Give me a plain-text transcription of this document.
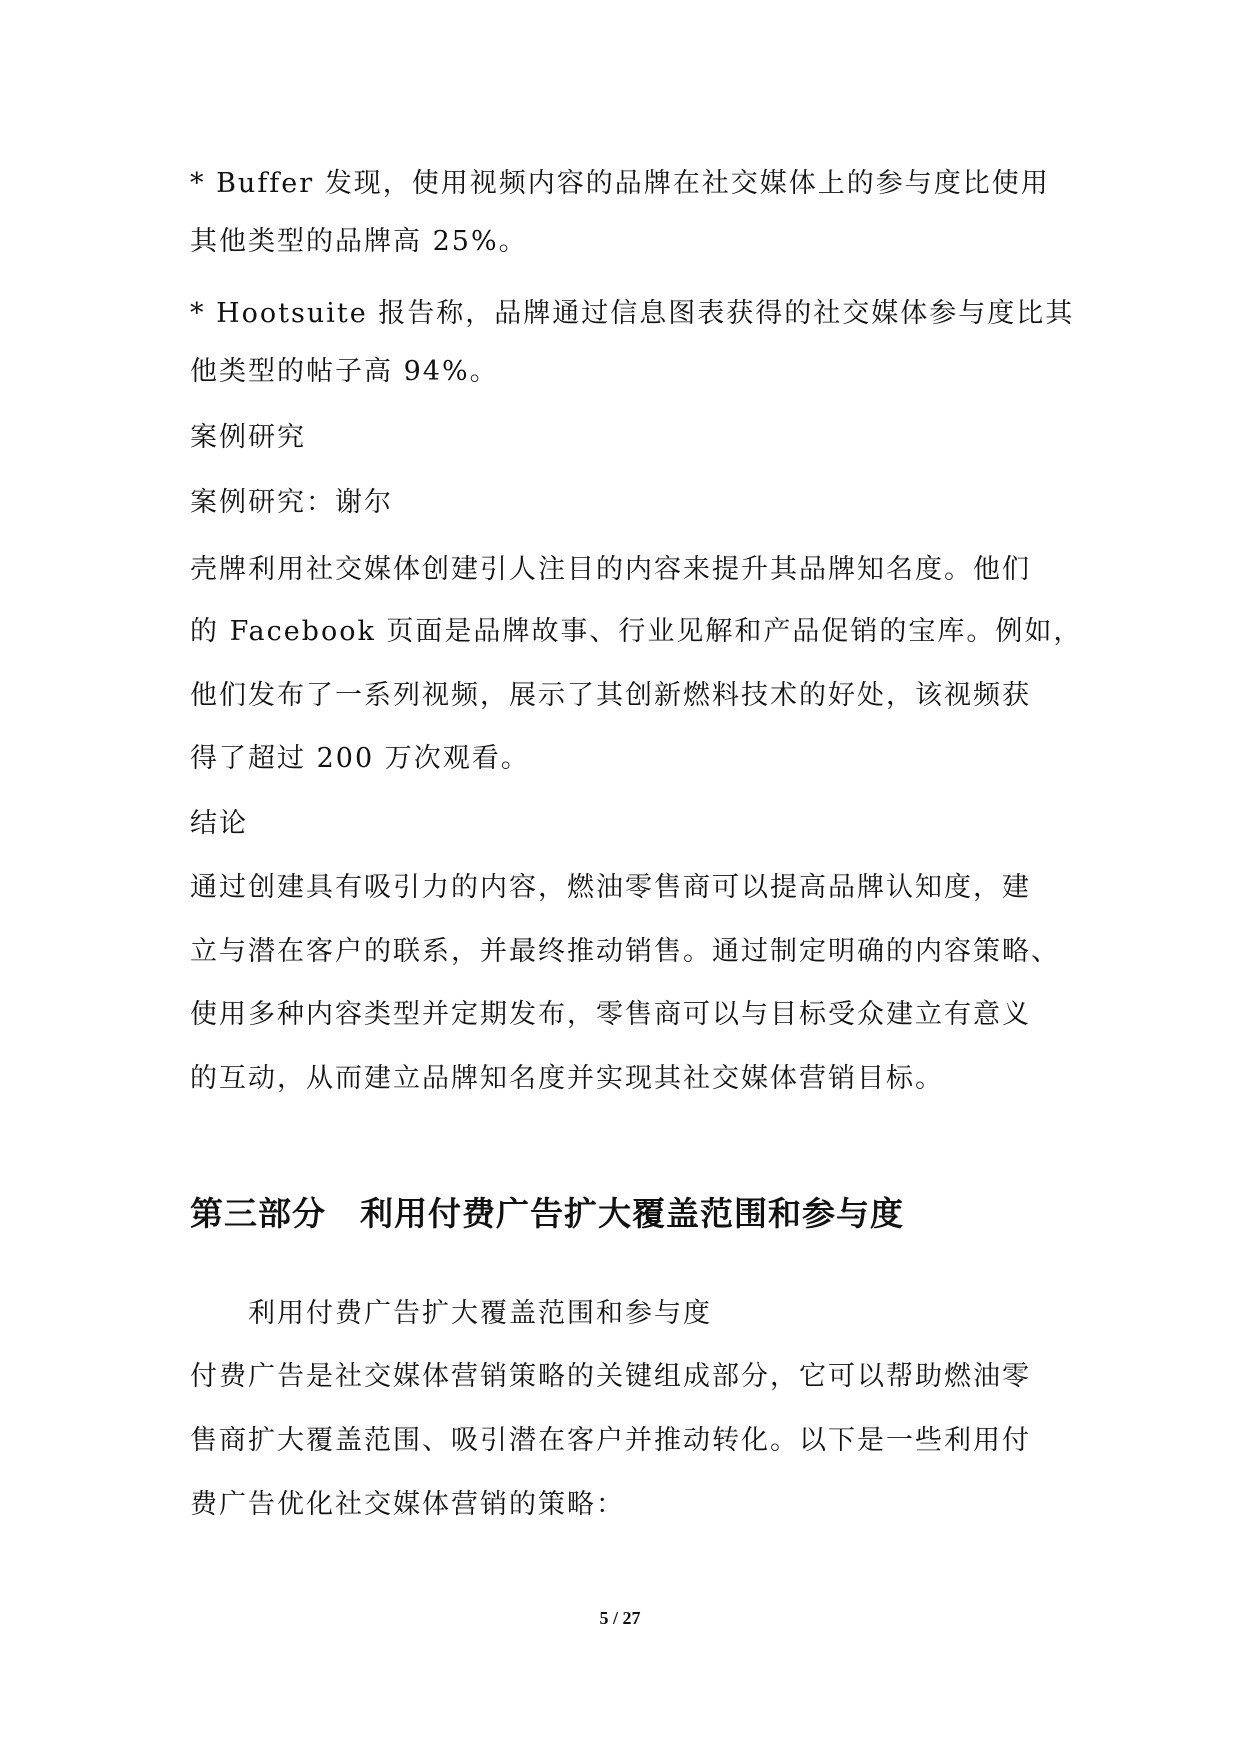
* Buffer 发现，使用视频内容的品牌在社交媒体上的参与度比使用
其他类型的品牌高 25%。
* Hootsuite 报告称，品牌通过信息图表获得的社交媒体参与度比其
他类型的帖子高 94%。
案例研究
案例研究：谢尔
壳牌利用社交媒体创建引人注目的内容来提升其品牌知名度。他们
的 Facebook 页面是品牌故事、行业见解和产品促销的宝库。例如，
他们发布了一系列视频，展示了其创新燃料技术的好处，该视频获
得了超过 200 万次观看。
结论
通过创建具有吸引力的内容，燃油零售商可以提高品牌认知度，建
立与潜在客户的联系，并最终推动销售。通过制定明确的内容策略、
使用多种内容类型并定期发布，零售商可以与目标受众建立有意义
的互动，从而建立品牌知名度并实现其社交媒体营销目标。
第三部分　利用付费广告扩大覆盖范围和参与度
利用付费广告扩大覆盖范围和参与度
付费广告是社交媒体营销策略的关键组成部分，它可以帮助燃油零
售商扩大覆盖范围、吸引潜在客户并推动转化。以下是一些利用付
费广告优化社交媒体营销的策略：
5 / 27
